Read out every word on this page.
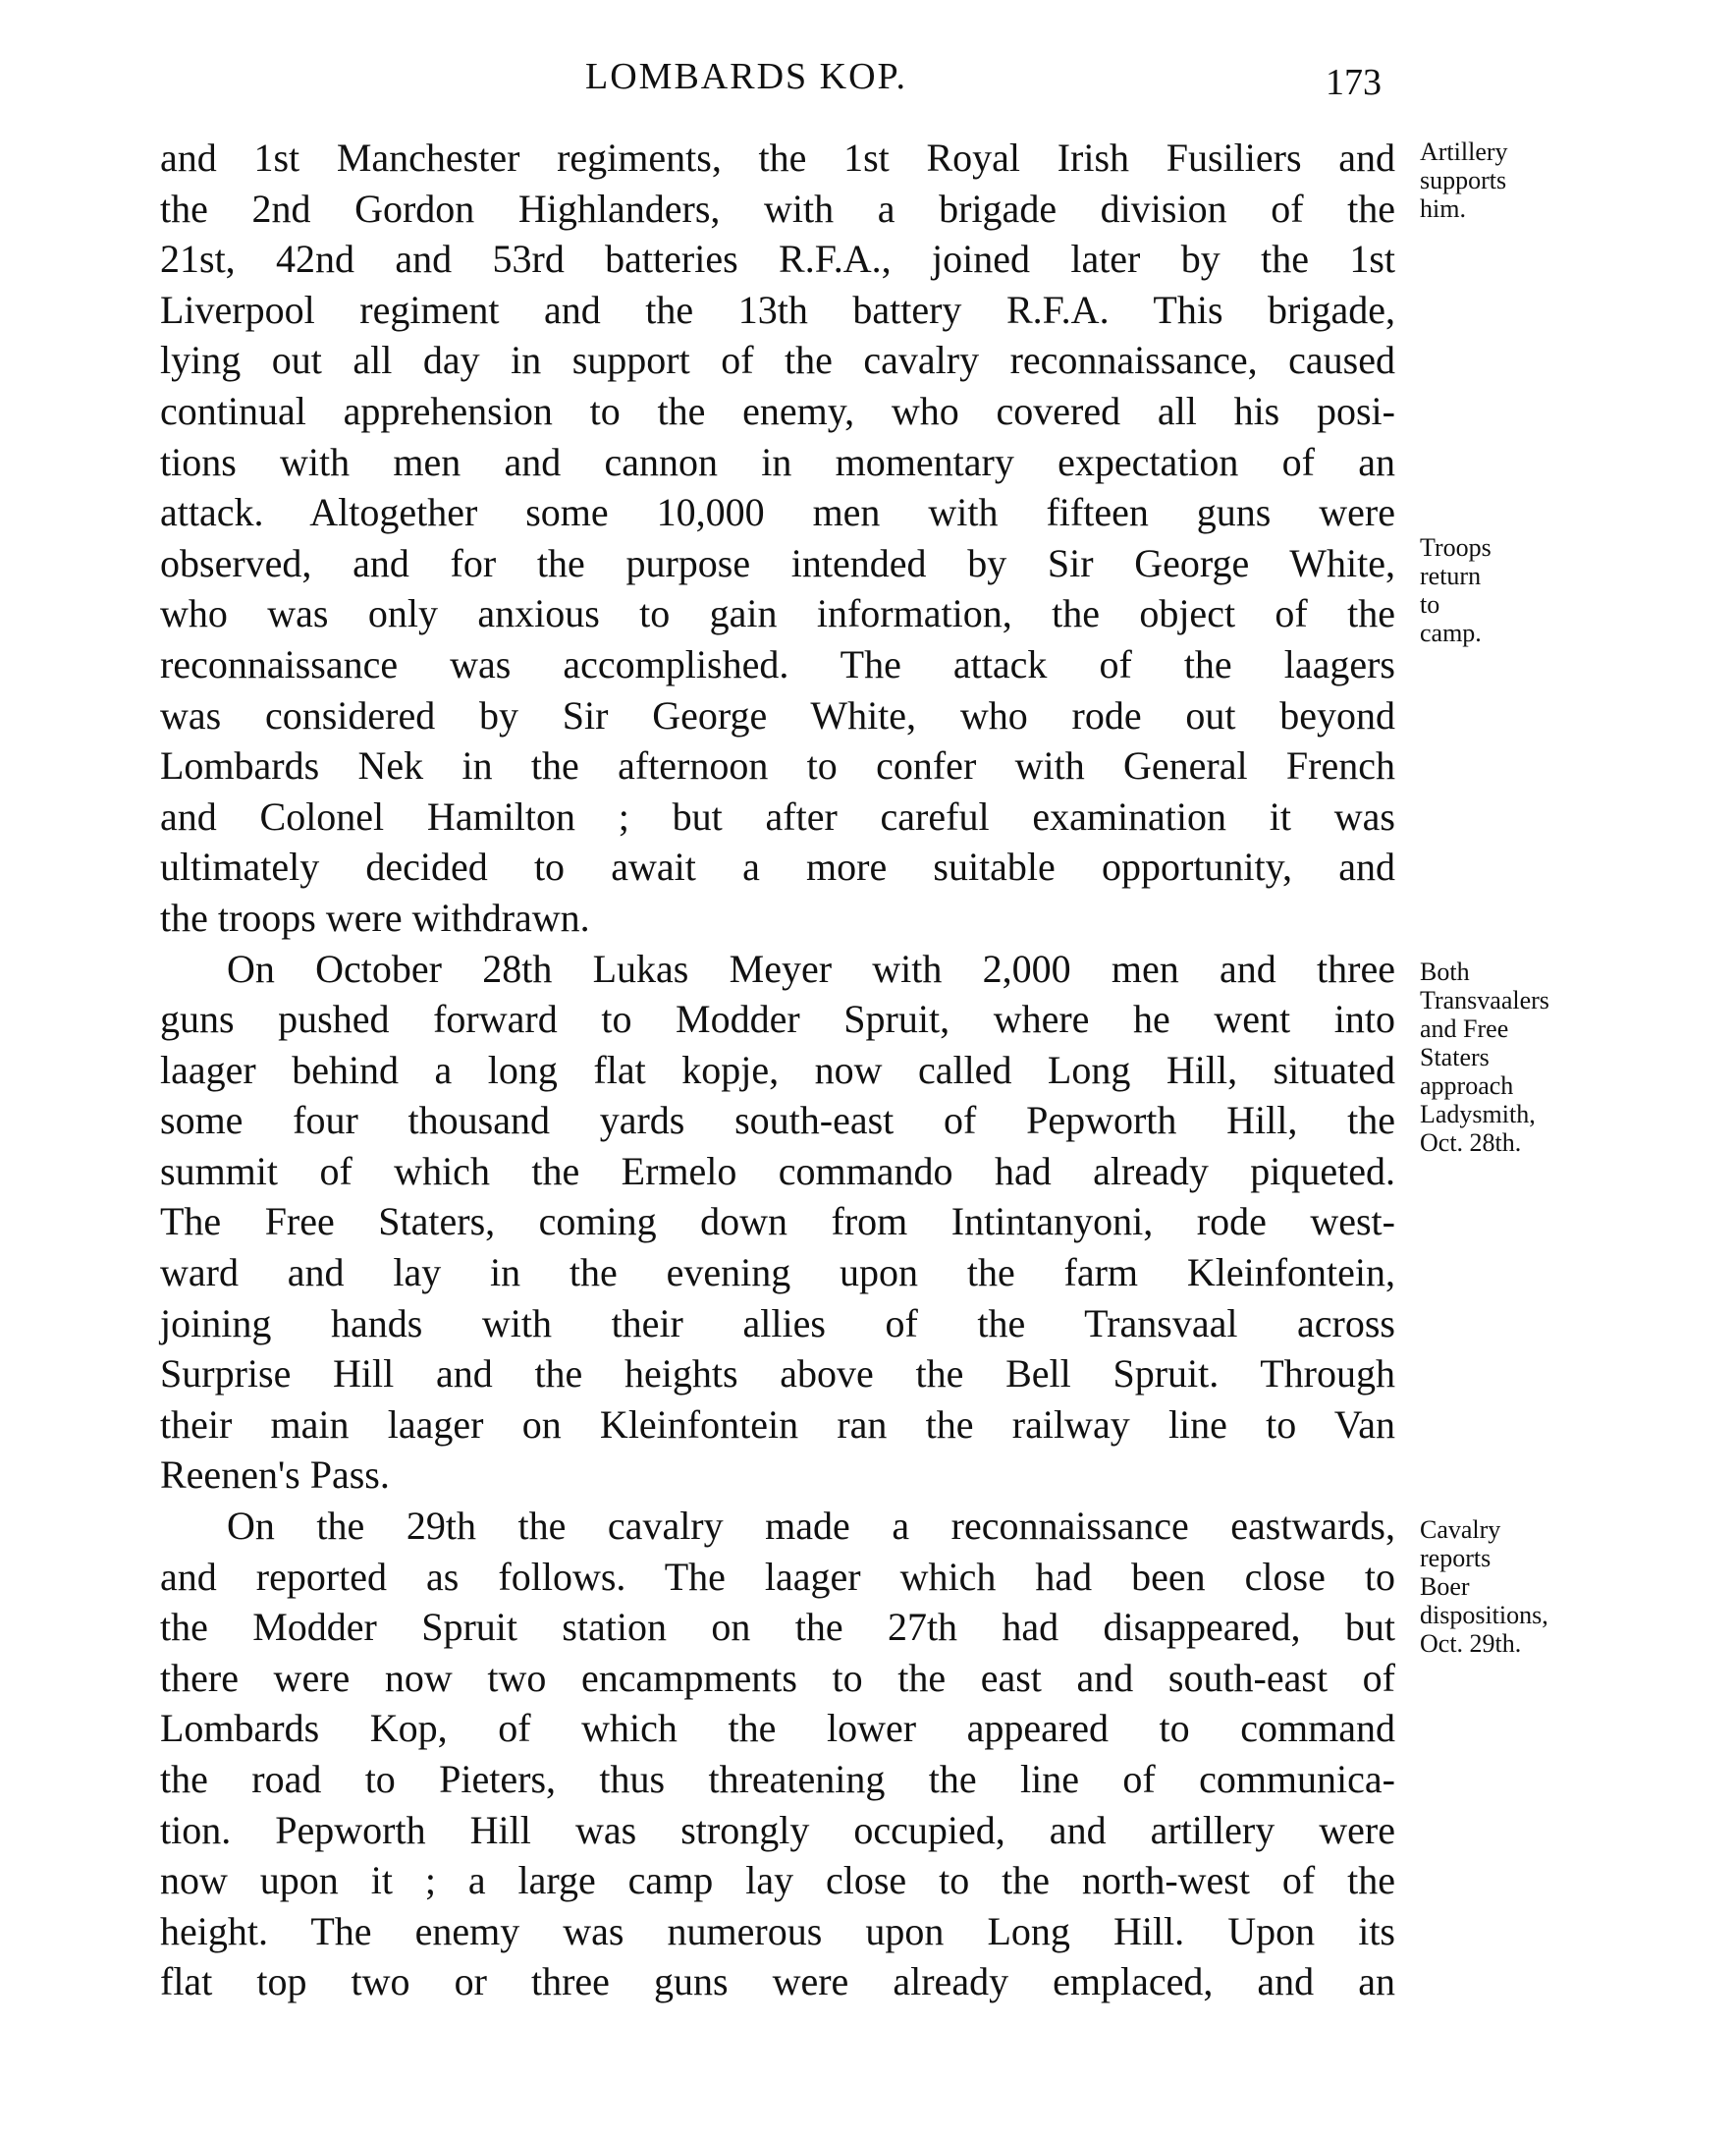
LOMBARDS KOP.	173
and 1st Manchester regiments, the 1st Royal Irish Fusiliers and
the 2nd Gordon Highlanders, with a brigade division of the
21st, 42nd and 53rd batteries R.F.A., joined later by the 1st
Liverpool regiment and the 13th battery R.F.A. This brigade,
lying out all day in support of the cavalry reconnaissance, caused
continual apprehension to the enemy, who covered all his posi-
tions with men and cannon in momentary expectation of an
attack. Altogether some 10,000 men with fifteen guns were
observed, and for the purpose intended by Sir George White,
who was only anxious to gain information, the object of the
reconnaissance was accomplished. The attack of the laagers
was considered by Sir George White, who rode out beyond
Lombards Nek in the afternoon to confer with General French
and Colonel Hamilton ; but after careful examination it was
ultimately decided to await a more suitable opportunity, and
the troops were withdrawn.
On October 28th Lukas Meyer with 2,000 men and three
guns pushed forward to Modder Spruit, where he went into
laager behind a long flat kopje, now called Long Hill, situated
some four thousand yards south-east of Pepworth Hill, the
summit of which the Ermelo commando had already piqueted.
The Free Staters, coming down from Intintanyoni, rode west-
ward and lay in the evening upon the farm Kleinfontein,
joining hands with their allies of the Transvaal across
Surprise Hill and the heights above the Bell Spruit. Through
their main laager on Kleinfontein ran the railway line to Van
Reenen's Pass.
On the 29th the cavalry made a reconnaissance eastwards,
and reported as follows. The laager which had been close to
the Modder Spruit station on the 27th had disappeared, but
there were now two encampments to the east and south-east of
Lombards Kop, of which the lower appeared to command
the road to Pieters, thus threatening the line of communica-
tion. Pepworth Hill was strongly occupied, and artillery were
now upon it ; a large camp lay close to the north-west of the
height. The enemy was numerous upon Long Hill. Upon its
flat top two or three guns were already emplaced, and an
Artillery
supports
him.
Troops
return
to
camp.
Both
Transvaalers
and Free
Staters
approach
Ladysmith,
Oct. 28th.
Cavalry
reports
Boer
dispositions,
Oct. 29th.
